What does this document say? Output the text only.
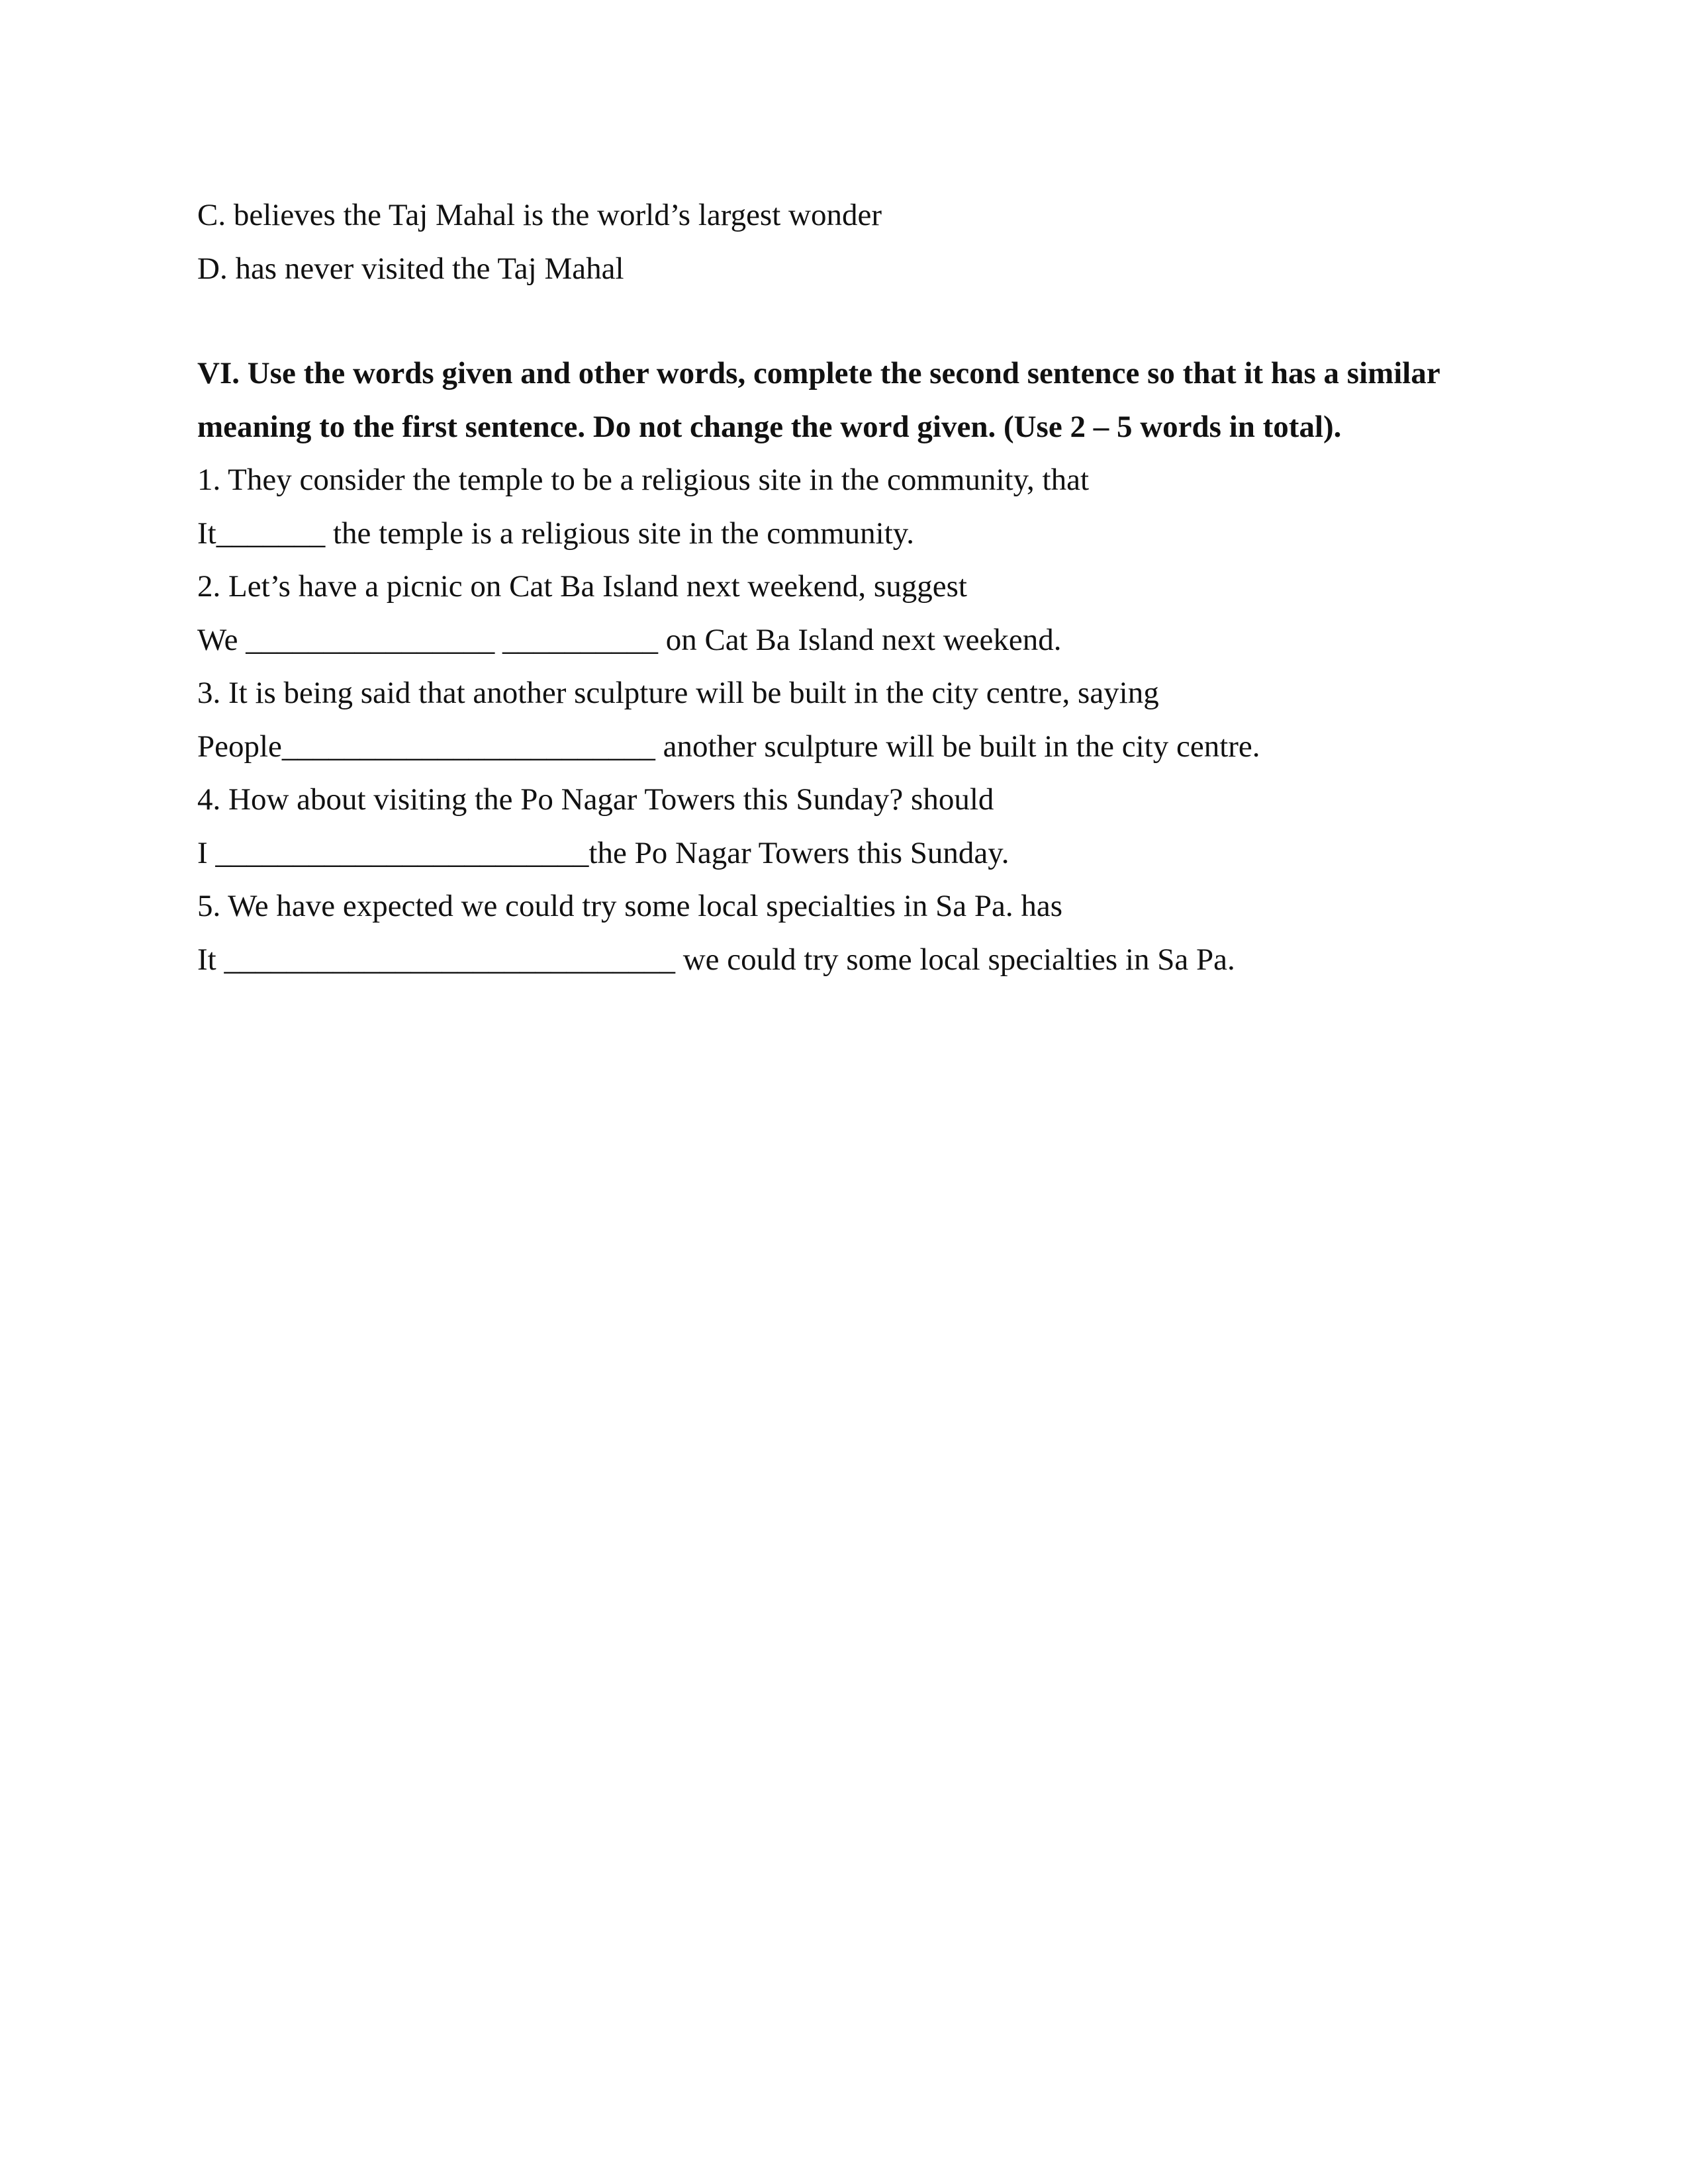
C. believes the Taj Mahal is the world’s largest wonder
D. has never visited the Taj Mahal
VI. Use the words given and other words, complete the second sentence so that it has a similar meaning to the first sentence. Do not change the word given. (Use 2 – 5 words in total).
1. They consider the temple to be a religious site in the community, that
It_______ the temple is a religious site in the community.
2. Let’s have a picnic on Cat Ba Island next weekend, suggest
We ________________ __________ on Cat Ba Island next weekend.
3. It is being said that another sculpture will be built in the city centre, saying
People________________________ another sculpture will be built in the city centre.
4. How about visiting the Po Nagar Towers this Sunday? should
I ________________________the Po Nagar Towers this Sunday.
5. We have expected we could try some local specialties in Sa Pa. has
It _____________________________ we could try some local specialties in Sa Pa.
